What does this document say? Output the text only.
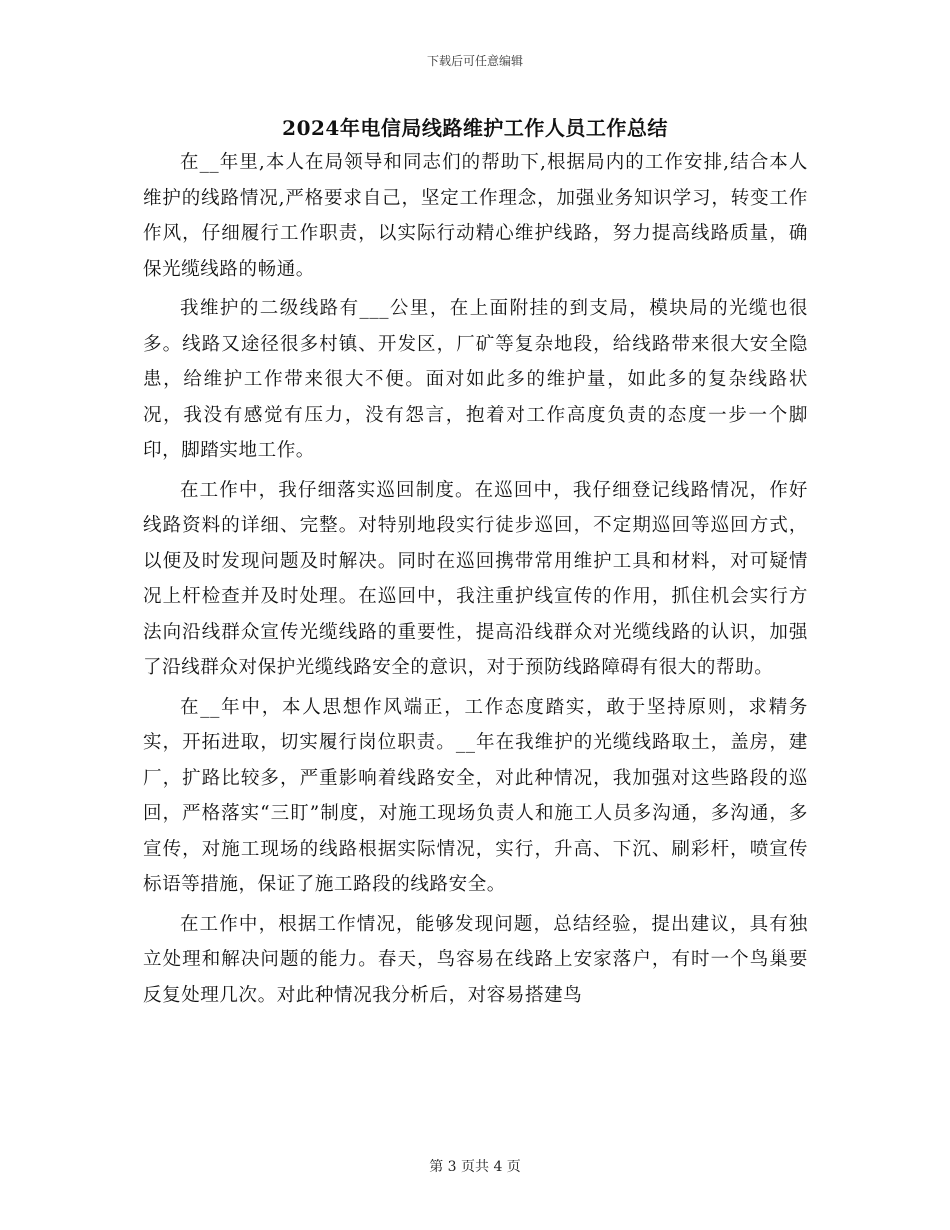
下载后可任意编辑
2024年电信局线路维护工作人员工作总结

在__年里,本人在局领导和同志们的帮助下,根据局内的工作安排,结合本人维护的线路情况,严格要求自己，坚定工作理念，加强业务知识学习，转变工作作风，仔细履行工作职责，以实际行动精心维护线路，努力提高线路质量，确保光缆线路的畅通。

我维护的二级线路有___公里，在上面附挂的到支局，模块局的光缆也很多。线路又途径很多村镇、开发区，厂矿等复杂地段，给线路带来很大安全隐患，给维护工作带来很大不便。面对如此多的维护量，如此多的复杂线路状况，我没有感觉有压力，没有怨言，抱着对工作高度负责的态度一步一个脚印，脚踏实地工作。

在工作中，我仔细落实巡回制度。在巡回中，我仔细登记线路情况，作好线路资料的详细、完整。对特别地段实行徒步巡回，不定期巡回等巡回方式，以便及时发现问题及时解决。同时在巡回携带常用维护工具和材料，对可疑情况上杆检查并及时处理。在巡回中，我注重护线宣传的作用，抓住机会实行方法向沿线群众宣传光缆线路的重要性，提高沿线群众对光缆线路的认识，加强了沿线群众对保护光缆线路安全的意识，对于预防线路障碍有很大的帮助。

在__年中，本人思想作风端正，工作态度踏实，敢于坚持原则，求精务实，开拓进取，切实履行岗位职责。__年在我维护的光缆线路取土，盖房，建厂，扩路比较多，严重影响着线路安全，对此种情况，我加强对这些路段的巡回，严格落实“三盯”制度，对施工现场负责人和施工人员多沟通，多沟通，多宣传，对施工现场的线路根据实际情况，实行，升高、下沉、刷彩杆，喷宣传标语等措施，保证了施工路段的线路安全。

在工作中，根据工作情况，能够发现问题，总结经验，提出建议，具有独立处理和解决问题的能力。春天，鸟容易在线路上安家落户，有时一个鸟巢要反复处理几次。对此种情况我分析后，对容易搭建鸟

第 3 页共 4 页
